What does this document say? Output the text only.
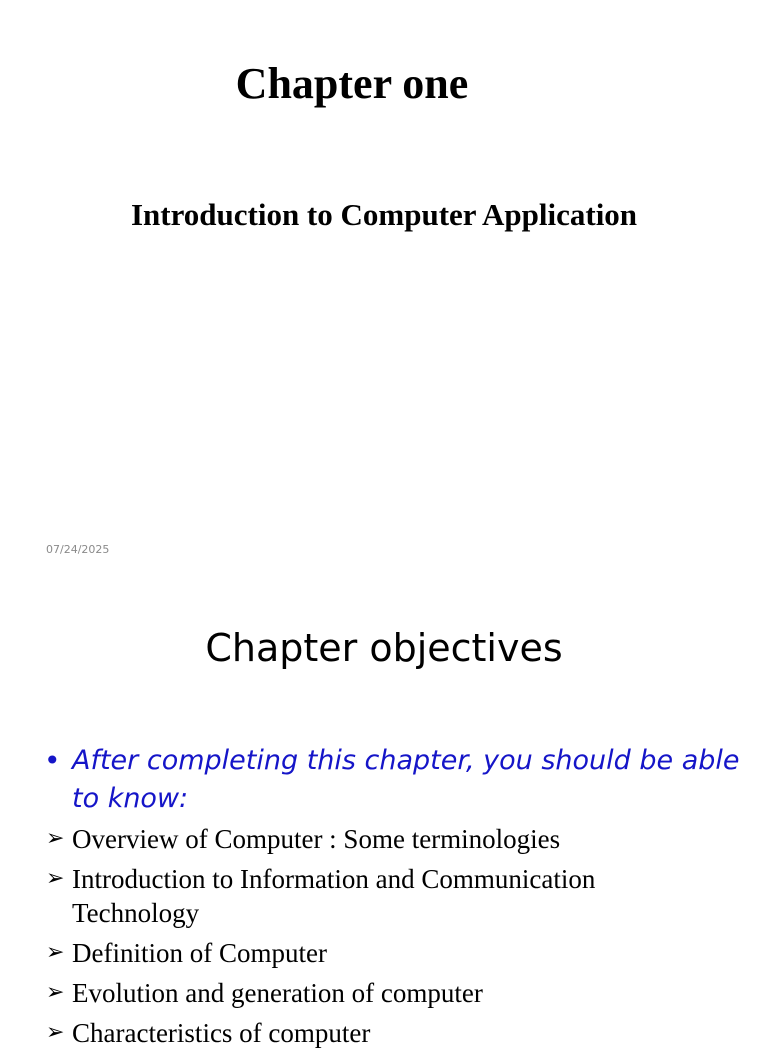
Chapter one
Introduction to Computer Application
07/24/2025
Chapter objectives
• After completing this chapter, you should be able to know:
➢ Overview of Computer : Some terminologies
➢ Introduction to Information and Communication Technology
➢ Definition of Computer
➢ Evolution and generation of computer
➢ Characteristics of computer
